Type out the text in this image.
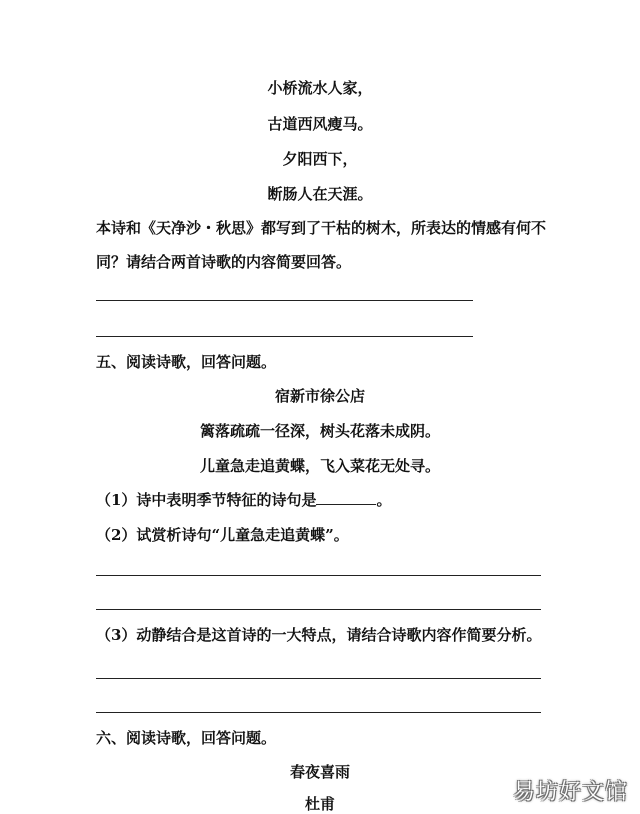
小桥流水人家，
古道西风瘦马。
夕阳西下，
断肠人在天涯。
本诗和《天净沙・秋思》都写到了干枯的树木，所表达的情感有何不
同？请结合两首诗歌的内容简要回答。
五、阅读诗歌，回答问题。
宿新市徐公店
篱落疏疏一径深，树头花落未成阴。
儿童急走追黄蝶，飞入菜花无处寻。
（1）诗中表明季节特征的诗句是	。
（2）试赏析诗句“儿童急走追黄蝶”。
（3）动静结合是这首诗的一大特点，请结合诗歌内容作简要分析。
六、阅读诗歌，回答问题。
春夜喜雨
杜甫	易坊好文馆
